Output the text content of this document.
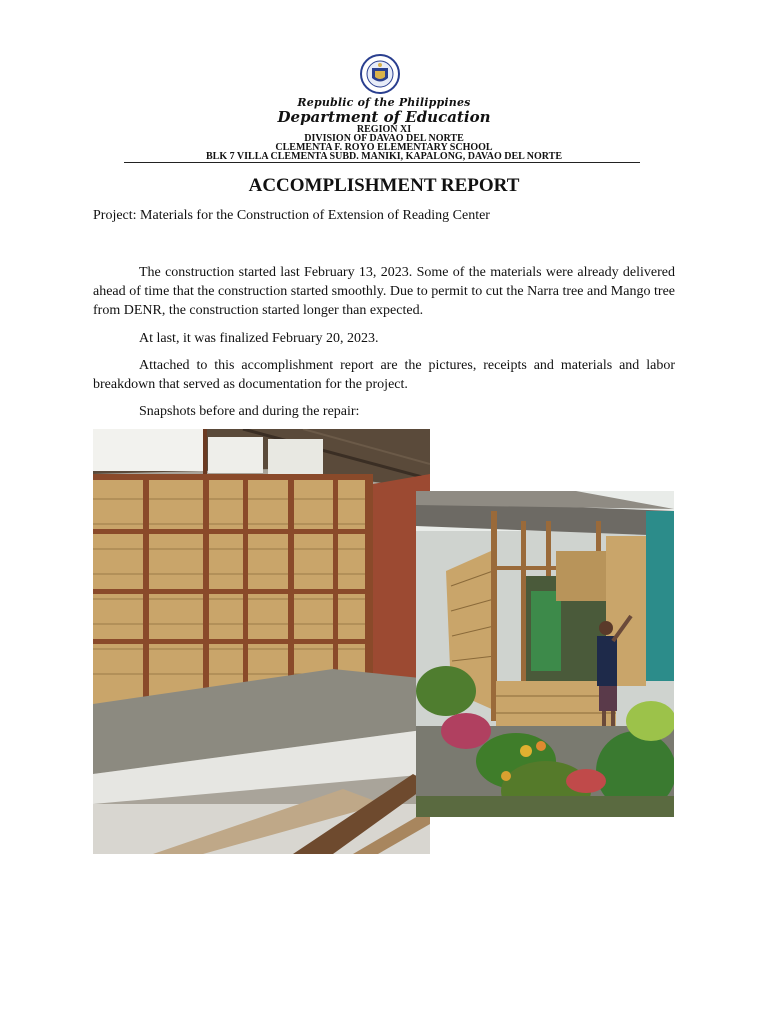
Republic of the Philippines
Department of Education
REGION XI
DIVISION OF DAVAO DEL NORTE
CLEMENTA F. ROYO ELEMENTARY SCHOOL
BLK 7 VILLA CLEMENTA SUBD. MANIKI, KAPALONG, DAVAO DEL NORTE
ACCOMPLISHMENT REPORT
Project: Materials for the Construction of Extension of Reading Center

The construction started last February 13, 2023. Some of the materials were already delivered ahead of time that the construction started smoothly. Due to permit to cut the Narra tree and Mango tree from DENR, the construction started longer than expected.

At last, it was finalized February 20, 2023.

Attached to this accomplishment report are the pictures, receipts and materials and labor breakdown that served as documentation for the project.

Snapshots before and during the repair:
